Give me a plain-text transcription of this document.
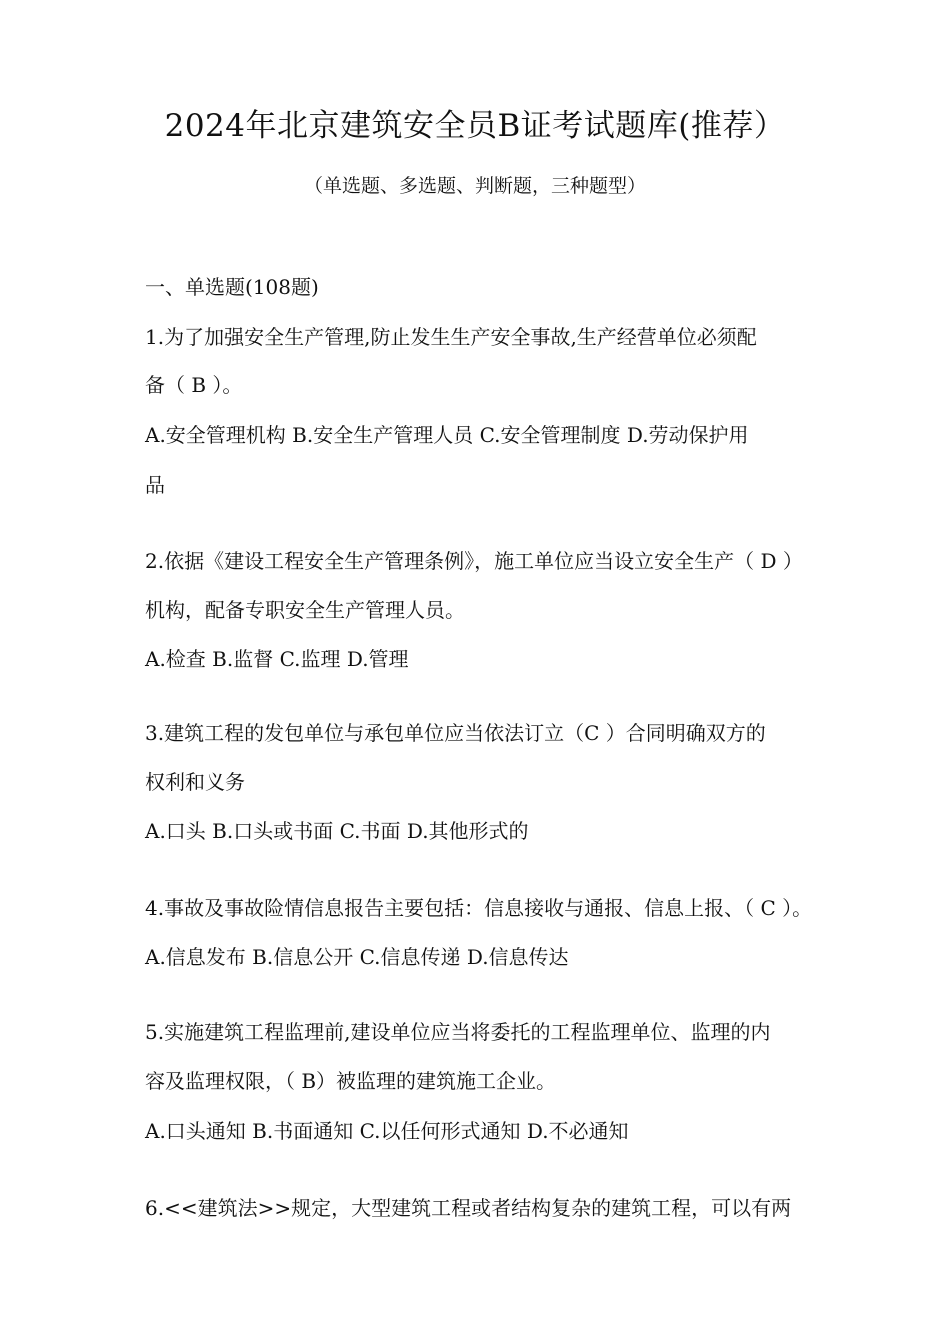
2024年北京建筑安全员B证考试题库(推荐）
（单选题、多选题、判断题，三种题型）
一、单选题(108题)
1.为了加强安全生产管理,防止发生生产安全事故,生产经营单位必须配
备（ B ）。
A.安全管理机构 B.安全生产管理人员 C.安全管理制度 D.劳动保护用
品
2.依据《建设工程安全生产管理条例》，施工单位应当设立安全生产（ D ）
机构，配备专职安全生产管理人员。
A.检查 B.监督 C.监理 D.管理
3.建筑工程的发包单位与承包单位应当依法订立（C ）合同明确双方的
权利和义务
A.口头 B.口头或书面 C.书面 D.其他形式的
4.事故及事故险情信息报告主要包括：信息接收与通报、信息上报、（ C ）。
A.信息发布 B.信息公开 C.信息传递 D.信息传达
5.实施建筑工程监理前,建设单位应当将委托的工程监理单位、监理的内
容及监理权限，（ B）被监理的建筑施工企业。
A.口头通知 B.书面通知 C.以任何形式通知 D.不必通知
6.<<建筑法>>规定，大型建筑工程或者结构复杂的建筑工程，可以有两
